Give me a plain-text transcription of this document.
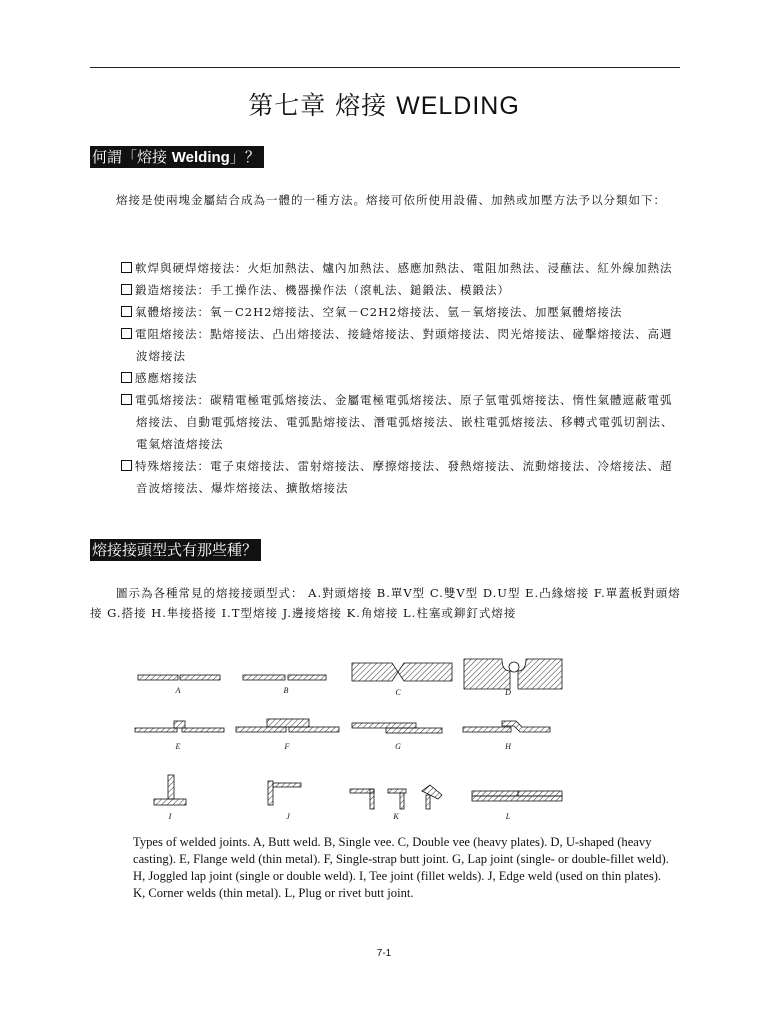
第七章 熔接 WELDING
何謂「熔接 Welding」？
熔接是使兩塊金屬結合成為一體的一種方法。熔接可依所使用設備、加熱或加壓方法予以分類如下：
軟焊與硬焊熔接法：火炬加熱法、爐內加熱法、感應加熱法、電阻加熱法、浸蘸法、紅外線加熱法
鍛造熔接法：手工操作法、機器操作法（滾軋法、鎚鍛法、模鍛法）
氣體熔接法：氧－C2H2熔接法、空氣－C2H2熔接法、氫－氧熔接法、加壓氣體熔接法
電阻熔接法：點熔接法、凸出熔接法、接縫熔接法、對頭熔接法、閃光熔接法、碰擊熔接法、高週波熔接法
感應熔接法
電弧熔接法：碳精電極電弧熔接法、金屬電極電弧熔接法、原子氫電弧熔接法、惰性氣體遮蔽電弧熔接法、自動電弧熔接法、電弧點熔接法、潛電弧熔接法、嵌柱電弧熔接法、移轉式電弧切割法、電氣熔渣熔接法
特殊熔接法：電子束熔接法、雷射熔接法、摩擦熔接法、發熱熔接法、流動熔接法、冷熔接法、超音波熔接法、爆炸熔接法、擴散熔接法
熔接接頭型式有那些種？
圖示為各種常見的熔接接頭型式： A.對頭熔接 B.單Ⅴ型 C.雙Ⅴ型 D.U型 E.凸緣熔接 F.單蓋板對頭熔接 G.搭接 H.隼接搭接 I.T型熔接 J.邊接熔接 K.角熔接 L.柱塞或鉚釘式熔接
A	B	C	D
E	F	G	H
I	J	K	L
Types of welded joints. A, Butt weld. B, Single vee. C, Double vee (heavy plates). D, U-shaped (heavy casting). E, Flange weld (thin metal). F, Single-strap butt joint. G, Lap joint (single- or double-fillet weld). H, Joggled lap joint (single or double weld). I, Tee joint (fillet welds). J, Edge weld (used on thin plates). K, Corner welds (thin metal). L, Plug or rivet butt joint.
7-1
